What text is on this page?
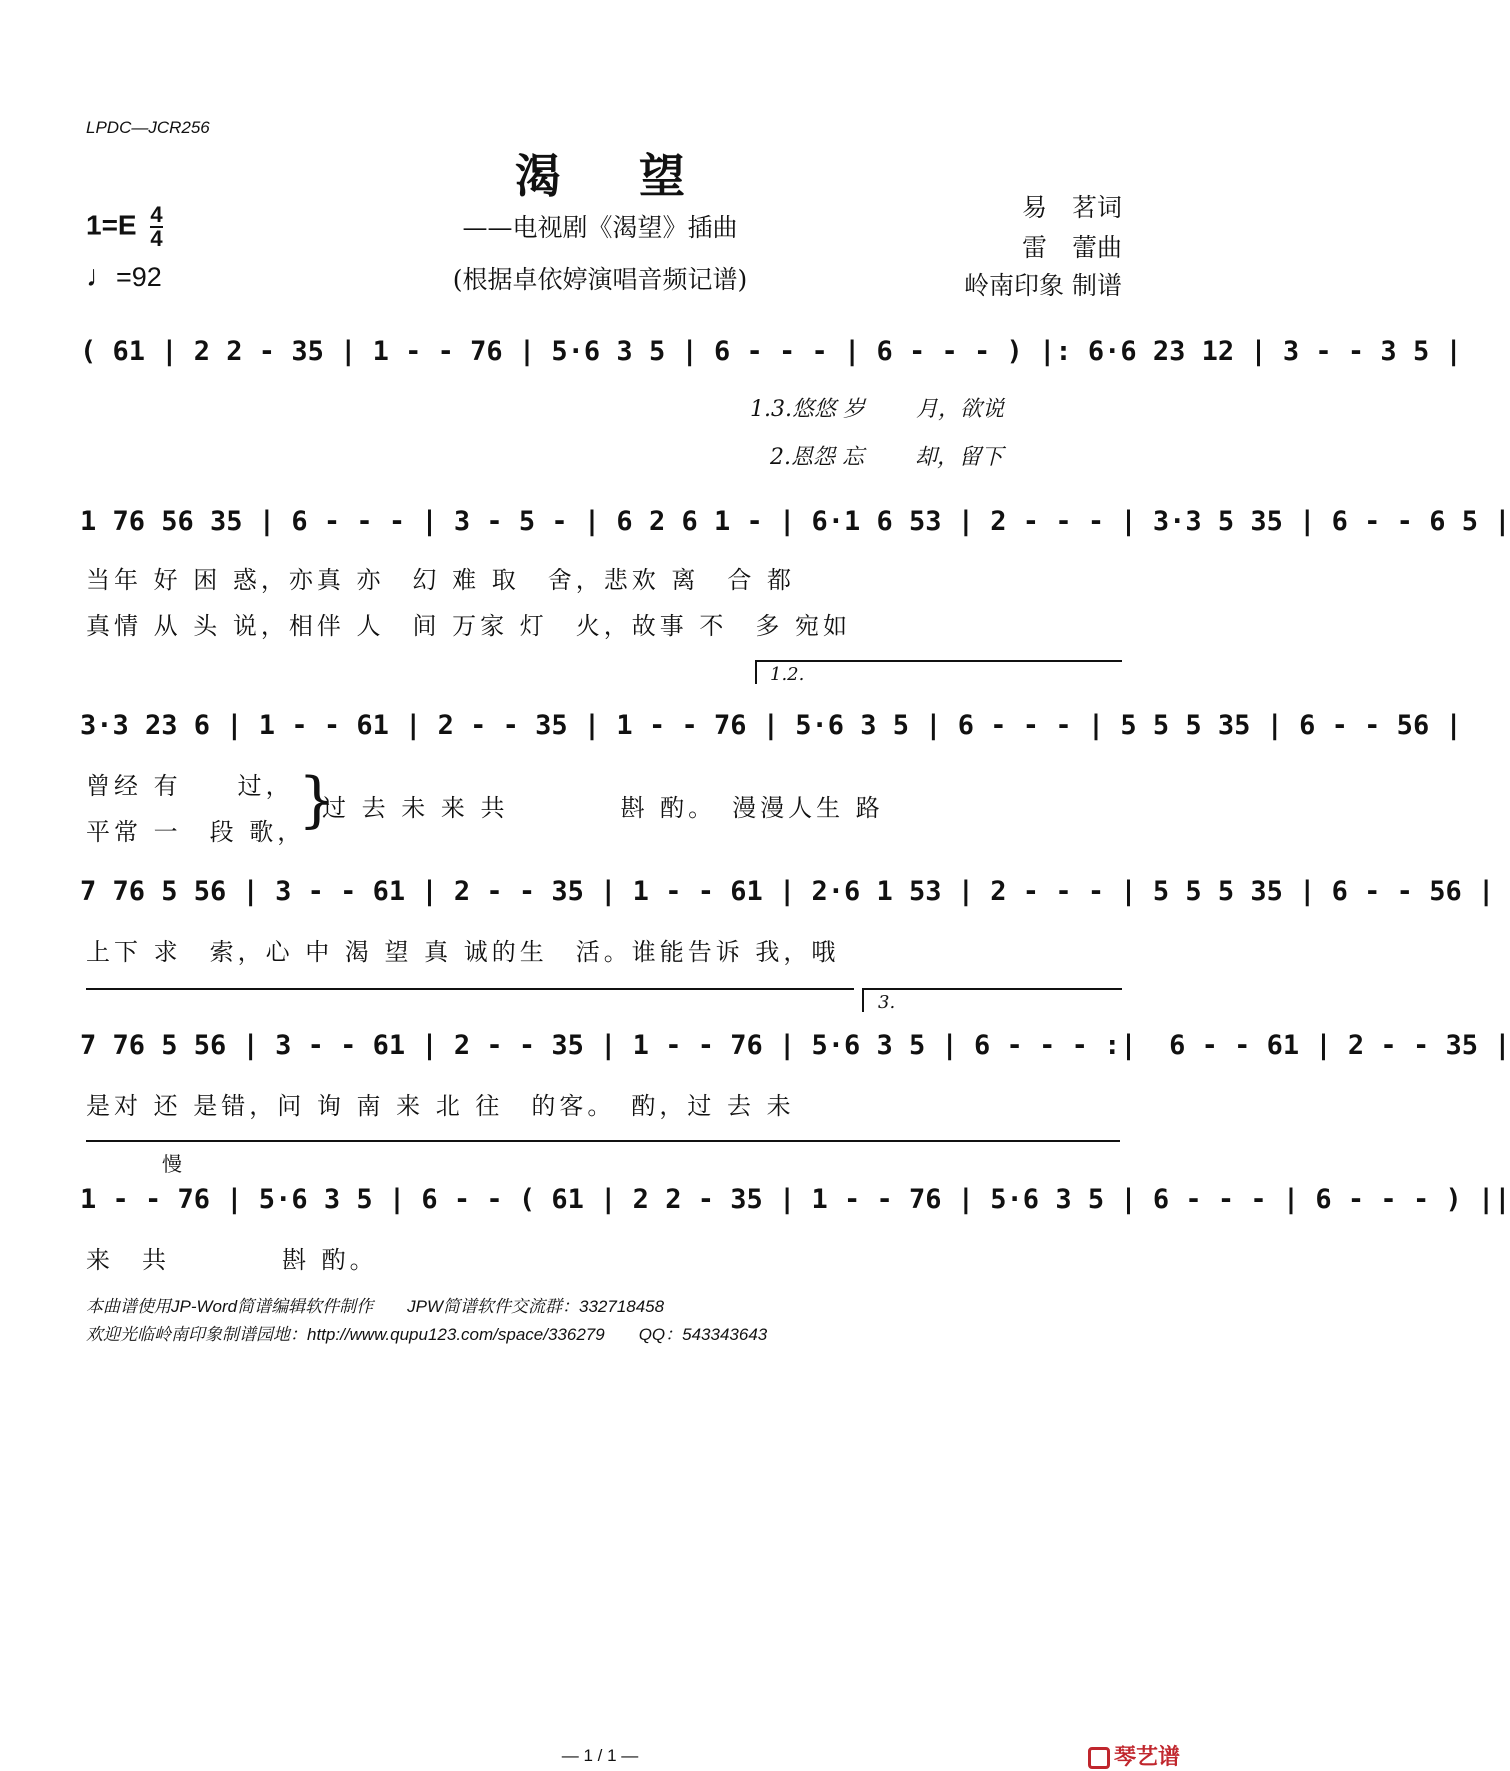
LPDC—JCR256
渴望
——电视剧《渴望》插曲
(根据卓依婷演唱音频记谱)
易　茗词
雷　蕾曲
岭南印象 制谱
$1=E \frac{4}{4}$
♩=92
( 61 | 2 2 - 35 | 1 - - 76 | 5·6 3 5 | 6 - - - | 6 - - - ) |: 6·6 23 12 | 3 - - 3 5 |
1.3.悠悠 岁　　 月，欲说
2.恩怨 忘　　 却，留下
1 76 56 35 | 6 - - - | 3 - 5 - | 6 2 6 1 - | 6·1 6 53 | 2 - - - | 3·3 5 35 | 6 - - 6 5 |
当年 好 困 惑，亦真 亦　幻 难 取　舍，悲欢 离　合 都
真情 从 头 说，相伴 人　间 万家 灯　火，故事 不　多 宛如
1.2.
3·3 23 6 | 1 - - 61 | 2 - - 35 | 1 - - 76 | 5·6 3 5 | 6 - - - | 5 5 5 35 | 6 - - 56 |
曾经 有　　过，
平常 一　段 歌，
}
过 去 未 来 共　　　　斟 酌。　漫漫人生 路
7 76 5 56 | 3 - - 61 | 2 - - 35 | 1 - - 61 | 2·6 1 53 | 2 - - - | 5 5 5 35 | 6 - - 56 |
上下 求　索，心 中 渴 望 真 诚的生　活。谁能告诉 我，哦
3.
7 76 5 56 | 3 - - 61 | 2 - - 35 | 1 - - 76 | 5·6 3 5 | 6 - - - :|  6 - - 61 | 2 - - 35 |
是对 还 是错，问 询 南 来 北 往　的客。　酌，过 去 未
慢
1 - - 76 | 5·6 3 5 | 6 - - ( 61 | 2 2 - 35 | 1 - - 76 | 5·6 3 5 | 6 - - - | 6 - - - ) ||
来　共　　　　斟 酌。
本曲谱使用JP-Word简谱编辑软件制作　　JPW简谱软件交流群：332718458
欢迎光临岭南印象制谱园地：http://www.qupu123.com/space/336279　　QQ：543343643
— 1 / 1 —	琴艺谱
